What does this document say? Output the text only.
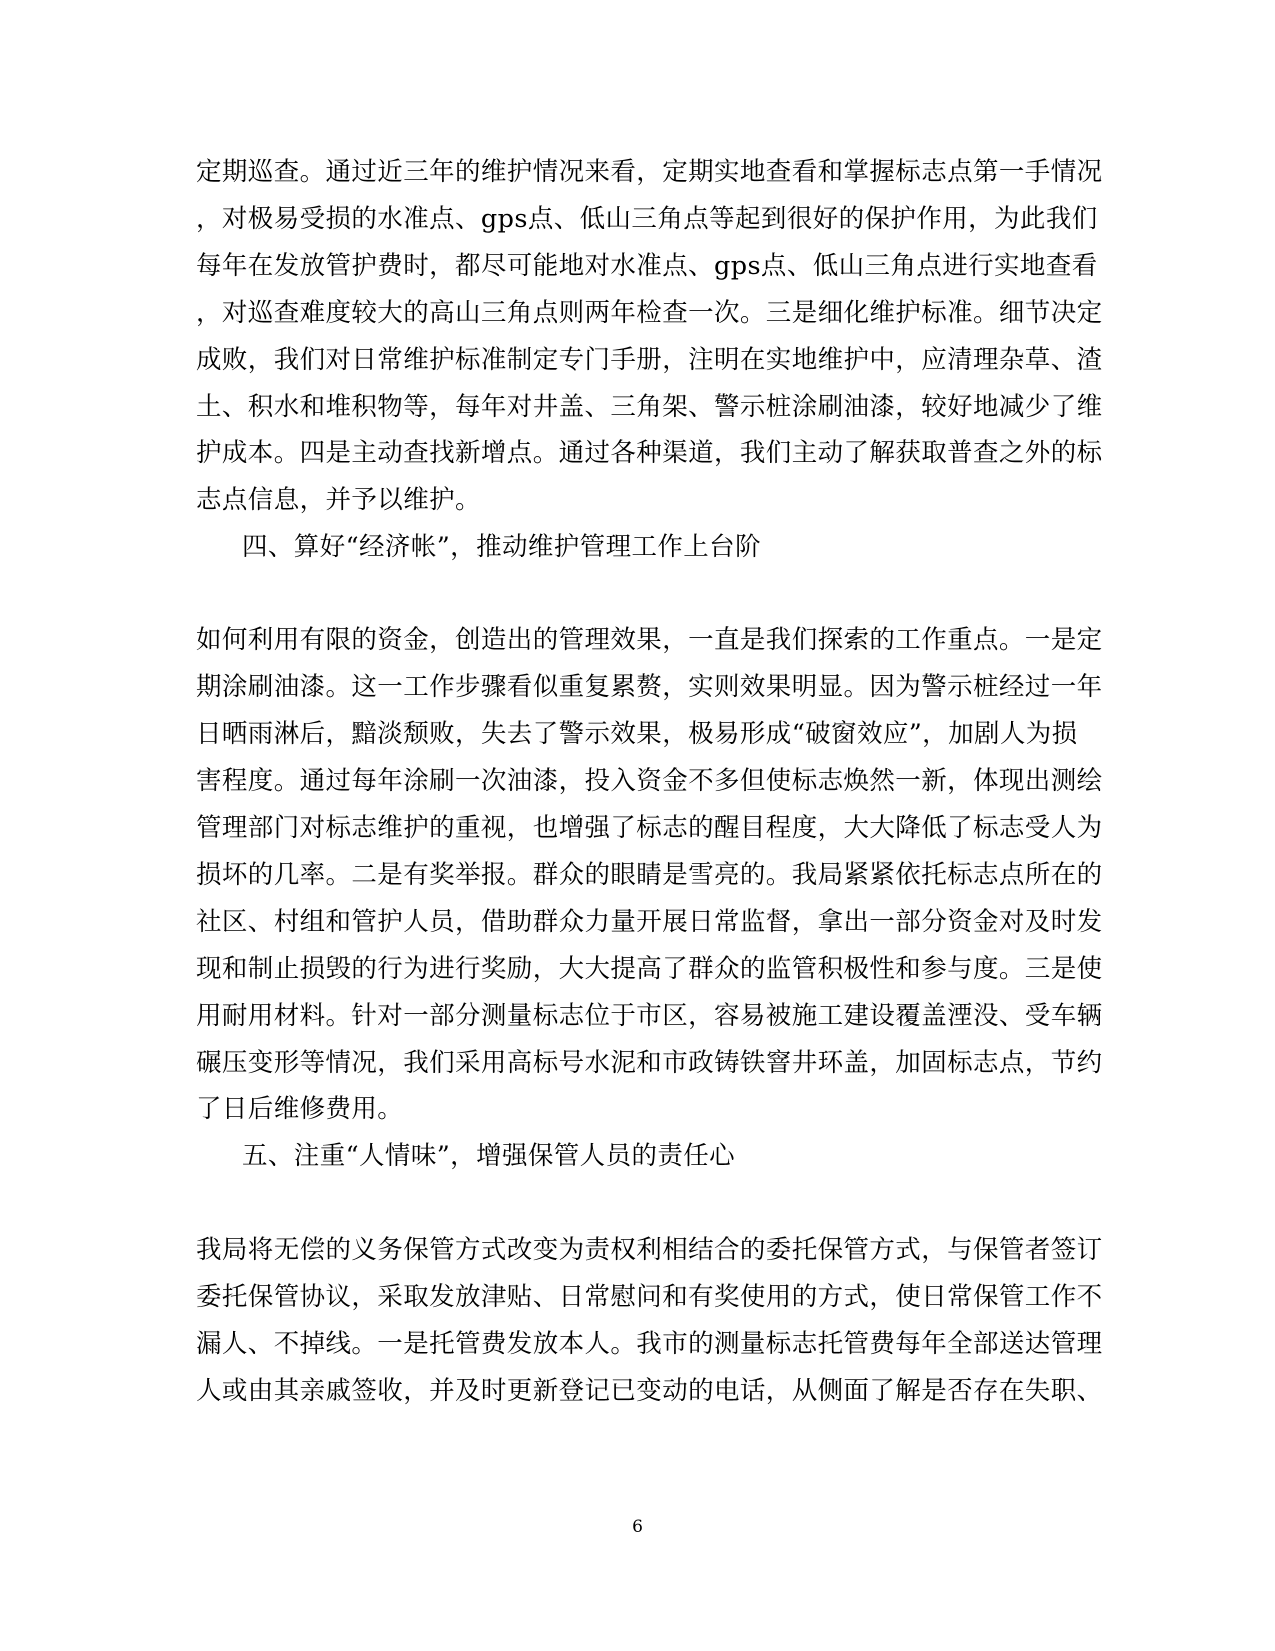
定期巡查。通过近三年的维护情况来看，定期实地查看和掌握标志点第一手情况
，对极易受损的水准点、gps点、低山三角点等起到很好的保护作用，为此我们
每年在发放管护费时，都尽可能地对水准点、gps点、低山三角点进行实地查看
，对巡查难度较大的高山三角点则两年检查一次。三是细化维护标准。细节决定
成败，我们对日常维护标准制定专门手册，注明在实地维护中，应清理杂草、渣
土、积水和堆积物等，每年对井盖、三角架、警示桩涂刷油漆，较好地减少了维
护成本。四是主动查找新增点。通过各种渠道，我们主动了解获取普查之外的标
志点信息，并予以维护。
四、算好“经济帐”，推动维护管理工作上台阶
如何利用有限的资金，创造出的管理效果，一直是我们探索的工作重点。一是定
期涂刷油漆。这一工作步骤看似重复累赘，实则效果明显。因为警示桩经过一年
日晒雨淋后，黯淡颓败，失去了警示效果，极易形成“破窗效应”，加剧人为损
害程度。通过每年涂刷一次油漆，投入资金不多但使标志焕然一新，体现出测绘
管理部门对标志维护的重视，也增强了标志的醒目程度，大大降低了标志受人为
损坏的几率。二是有奖举报。群众的眼睛是雪亮的。我局紧紧依托标志点所在的
社区、村组和管护人员，借助群众力量开展日常监督，拿出一部分资金对及时发
现和制止损毁的行为进行奖励，大大提高了群众的监管积极性和参与度。三是使
用耐用材料。针对一部分测量标志位于市区，容易被施工建设覆盖湮没、受车辆
碾压变形等情况，我们采用高标号水泥和市政铸铁窨井环盖，加固标志点，节约
了日后维修费用。
五、注重“人情味”，增强保管人员的责任心
我局将无偿的义务保管方式改变为责权利相结合的委托保管方式，与保管者签订
委托保管协议，采取发放津贴、日常慰问和有奖使用的方式，使日常保管工作不
漏人、不掉线。一是托管费发放本人。我市的测量标志托管费每年全部送达管理
人或由其亲戚签收，并及时更新登记已变动的电话，从侧面了解是否存在失职、
6
